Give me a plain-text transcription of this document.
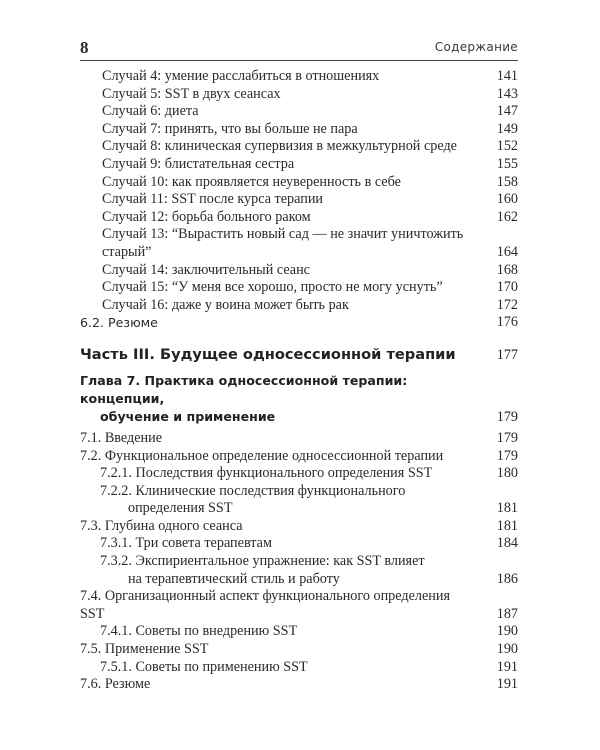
8	Содержание
Случай 4: умение расслабиться в отношениях	141
Случай 5: SST в двух сеансах	143
Случай 6: диета	147
Случай 7: принять, что вы больше не пара	149
Случай 8: клиническая супервизия в межкультурной среде	152
Случай 9: блистательная сестра	155
Случай 10: как проявляется неуверенность в себе	158
Случай 11: SST после курса терапии	160
Случай 12: борьба больного раком	162
Случай 13: “Вырастить новый сад — не значит уничтожить
старый”	164
Случай 14: заключительный сеанс	168
Случай 15: “У меня все хорошо, просто не могу уснуть”	170
Случай 16: даже у воина может быть рак	172
6.2. Резюме	176
Часть III. Будущее односессионной терапии	177
Глава 7. Практика односессионной терапии: концепции,
обучение и применение	179
7.1. Введение	179
7.2. Функциональное определение односессионной терапии	179
7.2.1. Последствия функционального определения SST	180
7.2.2. Клинические последствия функционального
определения SST	181
7.3. Глубина одного сеанса	181
7.3.1. Три совета терапевтам	184
7.3.2. Экспириентальное упражнение: как SST влияет
на терапевтический стиль и работу	186
7.4. Организационный аспект функционального определения SST	187
7.4.1. Советы по внедрению SST	190
7.5. Применение SST	190
7.5.1. Советы по применению SST	191
7.6. Резюме	191
